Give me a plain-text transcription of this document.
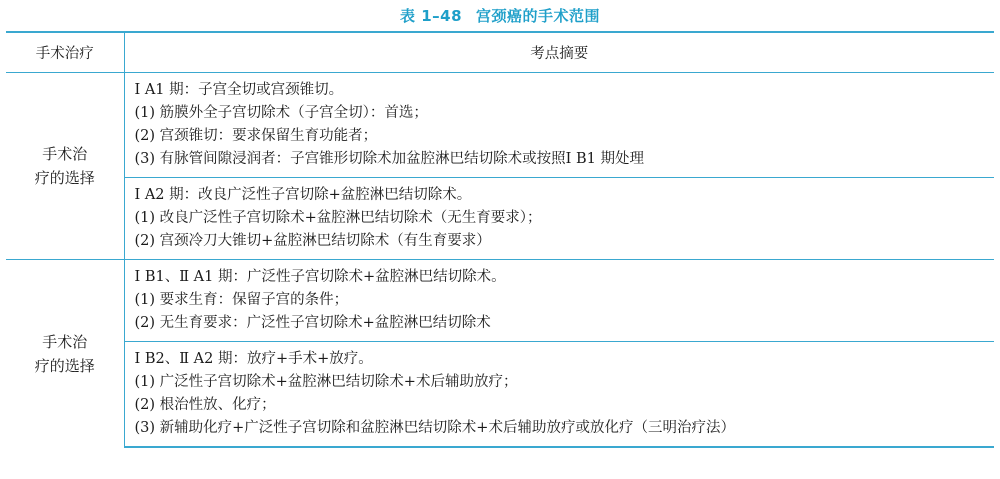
表 1–48 宫颈癌的手术范围
手术治疗	考点摘要

手术治
疗的选择	Ⅰ A1 期：子宫全切或宫颈锥切。
(1) 筋膜外全子宫切除术（子宫全切）：首选；
(2) 宫颈锥切：要求保留生育功能者；
(3) 有脉管间隙浸润者：子宫锥形切除术加盆腔淋巴结切除术或按照Ⅰ B1 期处理

	Ⅰ A2 期：改良广泛性子宫切除+盆腔淋巴结切除术。
(1) 改良广泛性子宫切除术+盆腔淋巴结切除术（无生育要求）；
(2) 宫颈冷刀大锥切+盆腔淋巴结切除术（有生育要求）

手术治
疗的选择	Ⅰ B1、Ⅱ A1 期：广泛性子宫切除术+盆腔淋巴结切除术。
(1) 要求生育：保留子宫的条件；
(2) 无生育要求：广泛性子宫切除术+盆腔淋巴结切除术

	Ⅰ B2、Ⅱ A2 期：放疗+手术+放疗。
(1) 广泛性子宫切除术+盆腔淋巴结切除术+术后辅助放疗；
(2) 根治性放、化疗；
(3) 新辅助化疗+广泛性子宫切除和盆腔淋巴结切除术+术后辅助放疗或放化疗（三明治疗法）
